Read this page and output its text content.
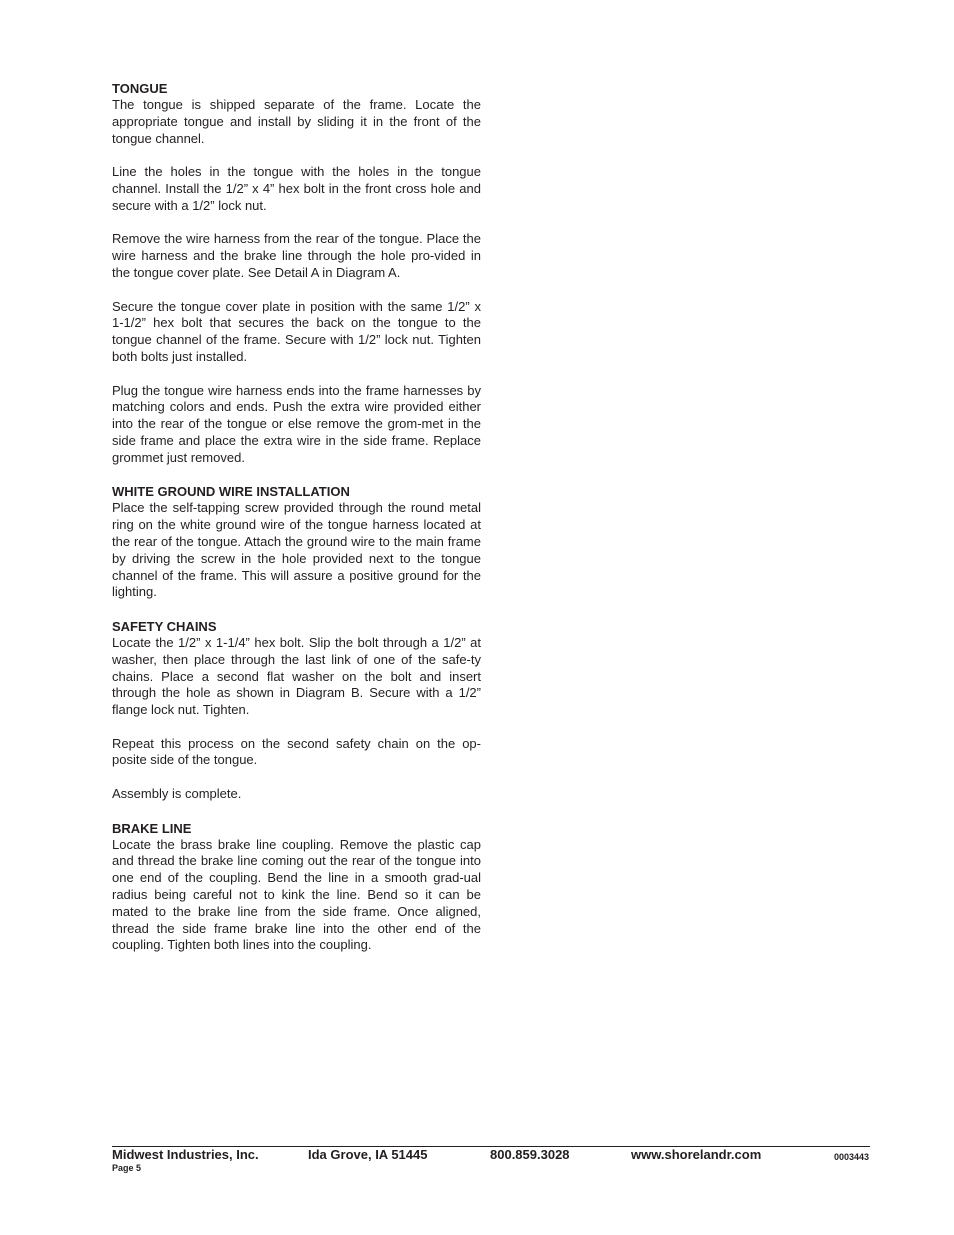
TONGUE

The tongue is shipped separate of the frame. Locate the appropriate tongue and install by sliding it in the front of the tongue channel.

Line the holes in the tongue with the holes in the tongue channel. Install the 1/2” x 4” hex bolt in the front cross hole and secure with a 1/2” lock nut.

Remove the wire harness from the rear of the tongue. Place the wire harness and the brake line through the hole pro-vided in the tongue cover plate. See Detail A in Diagram A.

Secure the tongue cover plate in position with the same 1/2” x 1-1/2” hex bolt that secures the back on the tongue to the tongue channel of the frame. Secure with 1/2” lock nut. Tighten both bolts just installed.

Plug the tongue wire harness ends into the frame harnesses by matching colors and ends. Push the extra wire provided either into the rear of the tongue or else remove the grom-met in the side frame and place the extra wire in the side frame. Replace grommet just removed.

WHITE GROUND WIRE INSTALLATION

Place the self-tapping screw provided through the round metal ring on the white ground wire of the tongue harness located at the rear of the tongue. Attach the ground wire to the main frame by driving the screw in the hole provided next to the tongue channel of the frame. This will assure a positive ground for the lighting.

SAFETY CHAINS

Locate the 1/2” x 1-1/4” hex bolt. Slip the bolt through a 1/2” at washer, then place through the last link of one of the safe-ty chains. Place a second flat washer on the bolt and insert through the hole as shown in Diagram B. Secure with a 1/2” flange lock nut. Tighten.

Repeat this process on the second safety chain on the op-posite side of the tongue.

Assembly is complete.

BRAKE LINE

Locate the brass brake line coupling. Remove the plastic cap and thread the brake line coming out the rear of the tongue into one end of the coupling. Bend the line in a smooth grad-ual radius being careful not to kink the line. Bend so it can be mated to the brake line from the side frame. Once aligned, thread the side frame brake line into the other end of the coupling. Tighten both lines into the coupling.

Midwest Industries, Inc.	Ida Grove, IA 51445	800.859.3028	www.shorelandr.com	0003443
Page 5
